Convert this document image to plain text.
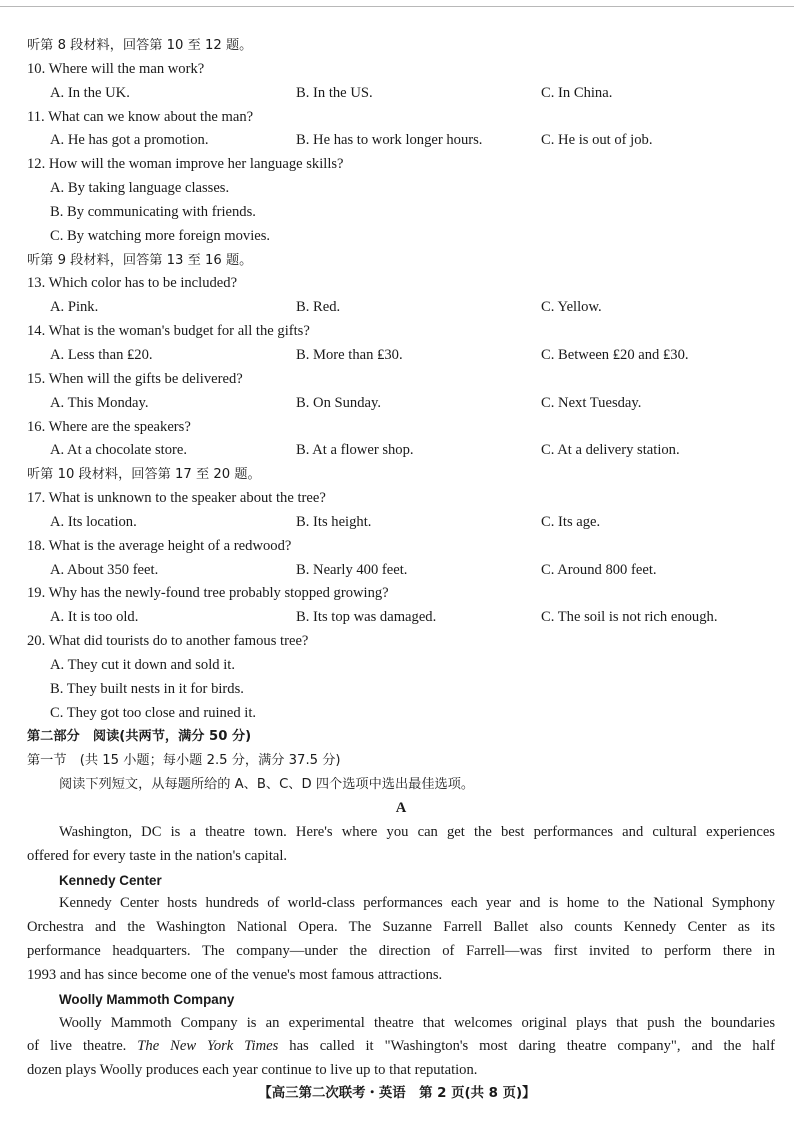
听第 8 段材料，回答第 10 至 12 题。
10. Where will the man work?
A. In the UK.	B. In the US.	C. In China.
11. What can we know about the man?
A. He has got a promotion.	B. He has to work longer hours.	C. He is out of job.
12. How will the woman improve her language skills?
A. By taking language classes.
B. By communicating with friends.
C. By watching more foreign movies.
听第 9 段材料，回答第 13 至 16 题。
13. Which color has to be included?
A. Pink.	B. Red.	C. Yellow.
14. What is the woman's budget for all the gifts?
A. Less than ₤20.	B. More than ₤30.	C. Between ₤20 and ₤30.
15. When will the gifts be delivered?
A. This Monday.	B. On Sunday.	C. Next Tuesday.
16. Where are the speakers?
A. At a chocolate store.	B. At a flower shop.	C. At a delivery station.
听第 10 段材料，回答第 17 至 20 题。
17. What is unknown to the speaker about the tree?
A. Its location.	B. Its height.	C. Its age.
18. What is the average height of a redwood?
A. About 350 feet.	B. Nearly 400 feet.	C. Around 800 feet.
19. Why has the newly-found tree probably stopped growing?
A. It is too old.	B. Its top was damaged.	C. The soil is not rich enough.
20. What did tourists do to another famous tree?
A. They cut it down and sold it.
B. They built nests in it for birds.
C. They got too close and ruined it.
第二部分　阅读(共两节，满分 50 分)
第一节　(共 15 小题；每小题 2.5 分，满分 37.5 分)
阅读下列短文，从每题所给的 A、B、C、D 四个选项中选出最佳选项。
A
Washington, DC is a theatre town. Here's where you can get the best performances and cultural experiences
offered for every taste in the nation's capital.
Kennedy Center
Kennedy Center hosts hundreds of world-class performances each year and is home to the National Symphony
Orchestra and the Washington National Opera. The Suzanne Farrell Ballet also counts Kennedy Center as its
performance headquarters. The company—under the direction of Farrell—was first invited to perform there in
1993 and has since become one of the venue's most famous attractions.
Woolly Mammoth Company
Woolly Mammoth Company is an experimental theatre that welcomes original plays that push the boundaries
of live theatre. The New York Times has called it "Washington's most daring theatre company", and the half
dozen plays Woolly produces each year continue to live up to that reputation.
【高三第二次联考・英语　第 2 页(共 8 页)】
